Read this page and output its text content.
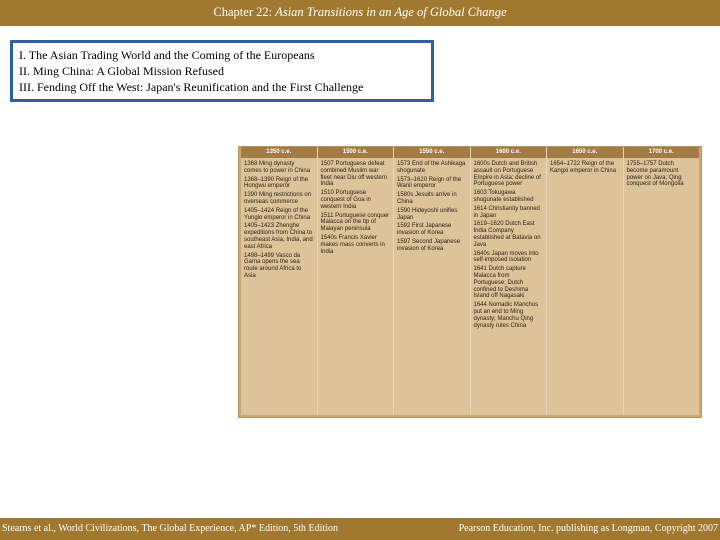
Chapter 22: Asian Transitions in an Age of Global Change
I. The Asian Trading World and the Coming of the Europeans
II. Ming China: A Global Mission Refused
III. Fending Off the West: Japan's Reunification and the First Challenge
1350 c.e.
1368 Ming dynasty comes to power in China
1368–1390 Reign of the Hongwu emperor
1390 Ming restrictions on overseas commerce
1405–1424 Reign of the Yunglo emperor in China
1405–1423 Zhenghe expeditions from China to southeast Asia, India, and east Africa
1498–1499 Vasco da Gama opens the sea route around Africa to Asia
1500 c.e.
1507 Portuguese defeat combined Muslim war fleet near Diu off western India
1510 Portuguese conquest of Goa in western India
1511 Portuguese conquer Malacca on the tip of Malayan peninsula
1540s Francis Xavier makes mass converts in India
1550 c.e.
1573 End of the Ashikaga shogunate
1573–1620 Reign of the Wanli emperor
1580s Jesuits arrive in China
1590 Hideyoshi unifies Japan
1592 First Japanese invasion of Korea
1597 Second Japanese invasion of Korea
1600 c.e.
1600s Dutch and British assault on Portuguese Empire in Asia; decline of Portuguese power
1603 Tokugawa shogunate established
1614 Christianity banned in Japan
1619–1620 Dutch East India Company established at Batavia on Java
1640s Japan moves into self-imposed isolation
1641 Dutch capture Malacca from Portuguese; Dutch confined to Deshima Island off Nagasaki
1644 Nomadic Manchus put an end to Ming dynasty; Manchu Qing dynasty rules China
1650 c.e.
1654–1722 Reign of the Kangxi emperor in China
1700 c.e.
1755–1757 Dutch become paramount power on Java; Qing conquest of Mongolia
Stearns et al., World Civilizations, The Global Experience, AP* Edition, 5th Edition	Pearson Education, Inc. publishing as Longman, Copyright 2007
